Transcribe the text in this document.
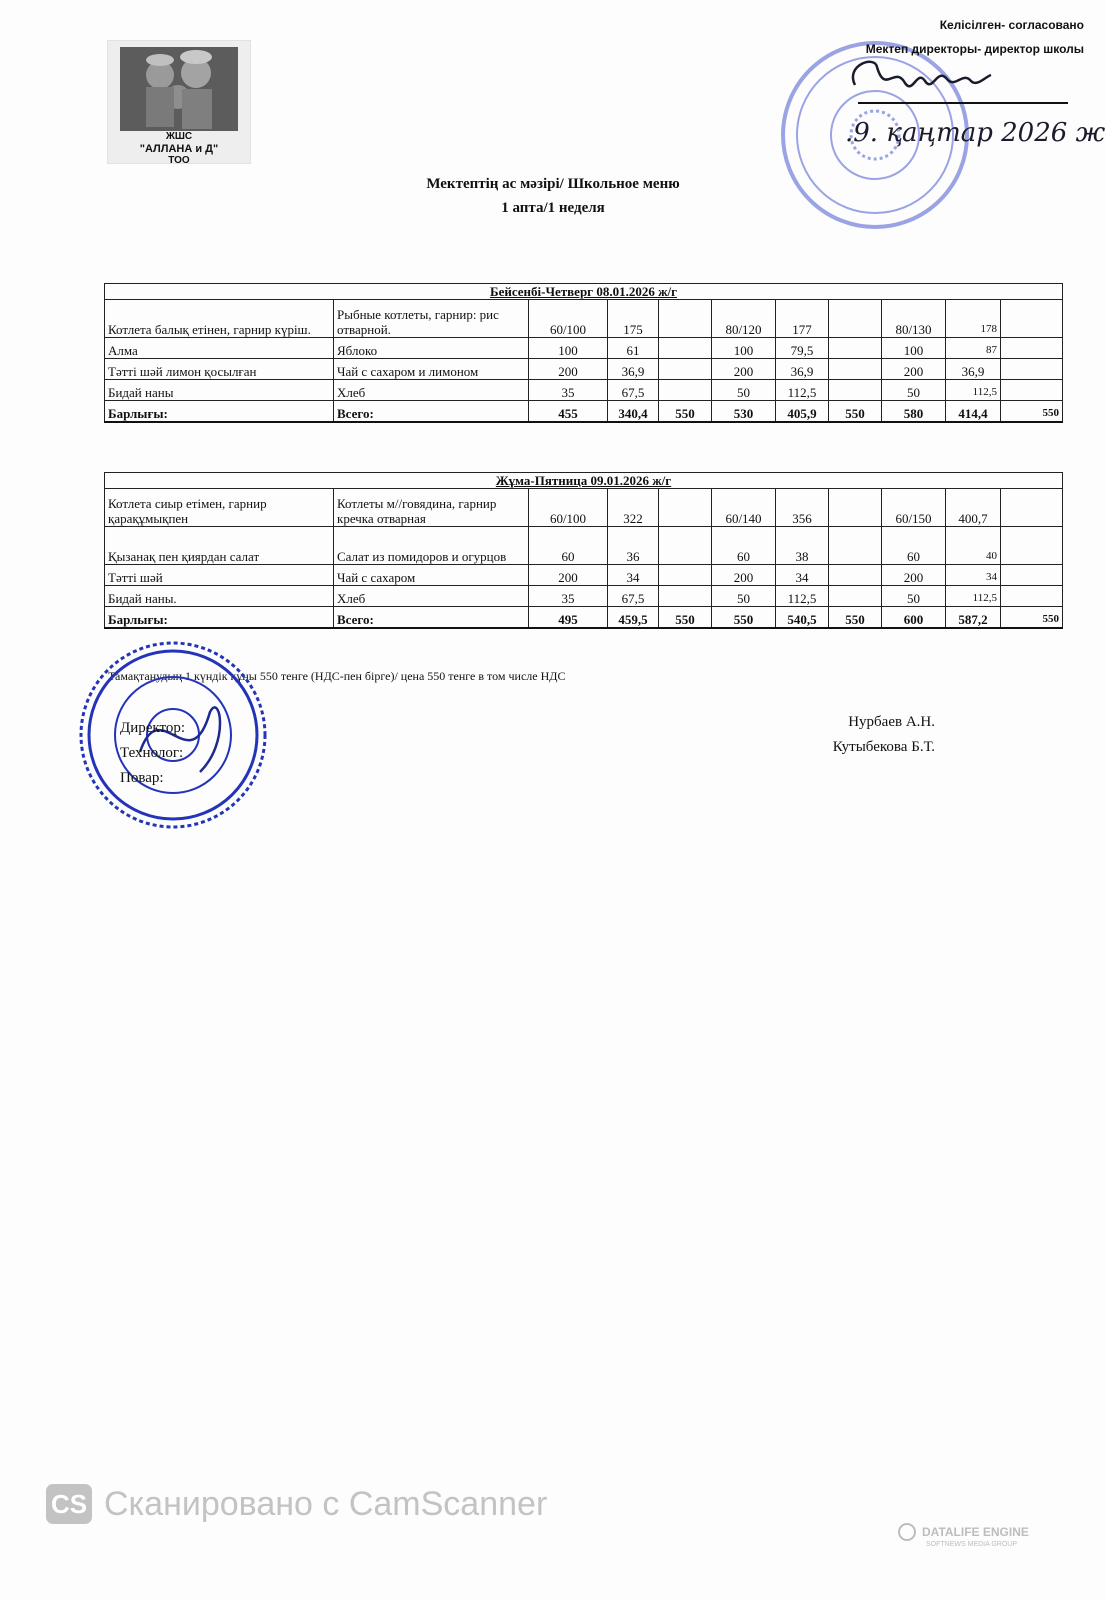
ЖШС
"АЛЛАНА и Д"
ТОО
Келісілген- согласовано
Мектеп директоры- директор школы
.9. қаңтар 2026 ж
Мектептің ас мәзірі/ Школьное меню
1 апта/1 неделя
Бейсенбі-Четверг 08.01.2026 ж/г										
Котлета балық етінен, гарнир күріш.	Рыбные котлеты, гарнир: рис отварной.	60/100	175		80/120	177		80/130	178	
Алма	Яблоко	100	61		100	79,5		100	87	
Тәтті шәй лимон қосылған	Чай с сахаром и лимоном	200	36,9		200	36,9		200	36,9	
Бидай наны	Хлеб	35	67,5		50	112,5		50	112,5	
Барлығы:	Всего:	455	340,4	550	530	405,9	550	580	414,4	550
Жұма-Пятница 09.01.2026 ж/г										
Котлета сиыр етімен, гарнир қарақұмықпен	Котлеты м//говядина, гарнир кречка отварная	60/100	322		60/140	356		60/150	400,7	
Қызанақ пен қиярдан салат	Салат из помидоров и огурцов	60	36		60	38		60	40	
Тәтті шәй	Чай с сахаром	200	34		200	34		200	34	
Бидай наны.	Хлеб	35	67,5		50	112,5		50	112,5	
Барлығы:	Всего:	495	459,5	550	550	540,5	550	600	587,2	550
Тамақтанудың 1 күндік құны 550 тенге (НДС-пен бірге)/ цена 550 тенге в том числе НДС
Директор:
Технолог:
Повар:
Нурбаев А.Н.
Кутыбекова Б.Т.
CS Сканировано с CamScanner
DATALIFE ENGINE
SOFTNEWS MEDIA GROUP
